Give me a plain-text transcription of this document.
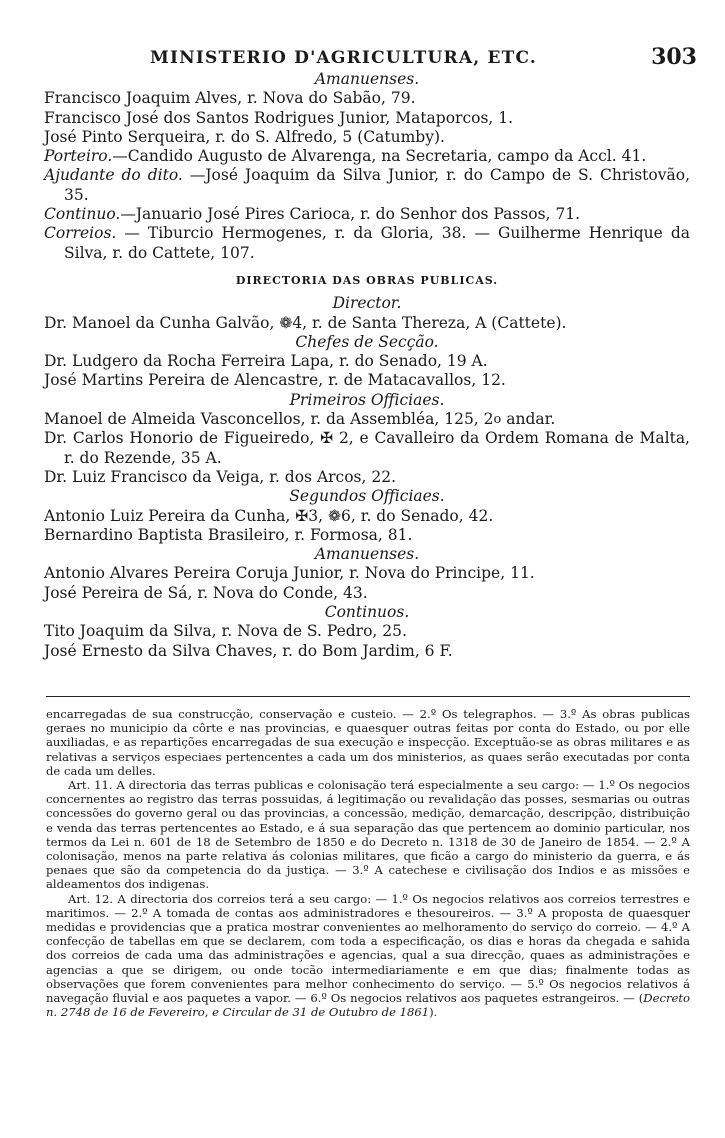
MINISTERIO D'AGRICULTURA, ETC.	303
Amanuenses.
Francisco Joaquim Alves, r. Nova do Sabão, 79.
Francisco José dos Santos Rodrigues Junior, Mataporcos, 1.
José Pinto Serqueira, r. do S. Alfredo, 5 (Catumby).
Porteiro.—Candido Augusto de Alvarenga, na Secretaria, campo da Accl. 41.
Ajudante do dito. —José Joaquim da Silva Junior, r. do Campo de S. Christovão, 35.
Continuo.—Januario José Pires Carioca, r. do Senhor dos Passos, 71.
Correios. — Tiburcio Hermogenes, r. da Gloria, 38. — Guilherme Henrique da Silva, r. do Cattete, 107.
DIRECTORIA DAS OBRAS PUBLICAS.
Director.
Dr. Manoel da Cunha Galvão, ❁4, r. de Santa Thereza, A (Cattete).
Chefes de Secção.
Dr. Ludgero da Rocha Ferreira Lapa, r. do Senado, 19 A.
José Martins Pereira de Alencastre, r. de Matacavallos, 12.
Primeiros Officiaes.
Manoel de Almeida Vasconcellos, r. da Assembléa, 125, 2$^o$ andar.
Dr. Carlos Honorio de Figueiredo, ✠ 2, e Cavalleiro da Ordem Romana de Malta, r. do Rezende, 35 A.
Dr. Luiz Francisco da Veiga, r. dos Arcos, 22.
Segundos Officiaes.
Antonio Luiz Pereira da Cunha, ✠3, ❁6, r. do Senado, 42.
Bernardino Baptista Brasileiro, r. Formosa, 81.
Amanuenses.
Antonio Alvares Pereira Coruja Junior, r. Nova do Principe, 11.
José Pereira de Sá, r. Nova do Conde, 43.
Continuos.
Tito Joaquim da Silva, r. Nova de S. Pedro, 25.
José Ernesto da Silva Chaves, r. do Bom Jardim, 6 F.

encarregadas de sua construcção, conservação e custeio. — 2.º Os telegraphos. — 3.º As obras publicas geraes no municipio da côrte e nas provincias, e quaesquer outras feitas por conta do Estado, ou por elle auxiliadas, e as repartições encarregadas de sua execução e inspecção. Exceptuão-se as obras militares e as relativas a serviços especiaes pertencentes a cada um dos ministerios, as quaes serão executadas por conta de cada um delles.

Art. 11. A directoria das terras publicas e colonisação terá especialmente a seu cargo: — 1.º Os negocios concernentes ao registro das terras possuidas, á legitimação ou revalidação das posses, sesmarias ou outras concessões do governo geral ou das provincias, a concessão, medição, demarcação, descripção, distribuição e venda das terras pertencentes ao Estado, e á sua separação das que pertencem ao dominio particular, nos termos da Lei n. 601 de 18 de Setembro de 1850 e do Decreto n. 1318 de 30 de Janeiro de 1854. — 2.º A colonisação, menos na parte relativa ás colonias militares, que ficão a cargo do ministerio da guerra, e ás penaes que são da competencia do da justiça. — 3.º A catechese e civilisação dos Indios e as missões e aldeamentos dos indigenas.

Art. 12. A directoria dos correios terá a seu cargo: — 1.º Os negocios relativos aos correios terrestres e maritimos. — 2.º A tomada de contas aos administradores e thesoureiros. — 3.º A proposta de quaesquer medidas e providencias que a pratica mostrar convenientes ao melhoramento do serviço do correio. — 4.º A confecção de tabellas em que se declarem, com toda a especificação, os dias e horas da chegada e sahida dos correios de cada uma das administrações e agencias, qual a sua direcção, quaes as administrações e agencias a que se dirigem, ou onde tocão intermediariamente e em que dias; finalmente todas as observações que forem convenientes para melhor conhecimento do serviço. — 5.º Os negocios relativos á navegação fluvial e aos paquetes a vapor. — 6.º Os negocios relativos aos paquetes estrangeiros. — (Decreto n. 2748 de 16 de Fevereiro, e Circular de 31 de Outubro de 1861).
